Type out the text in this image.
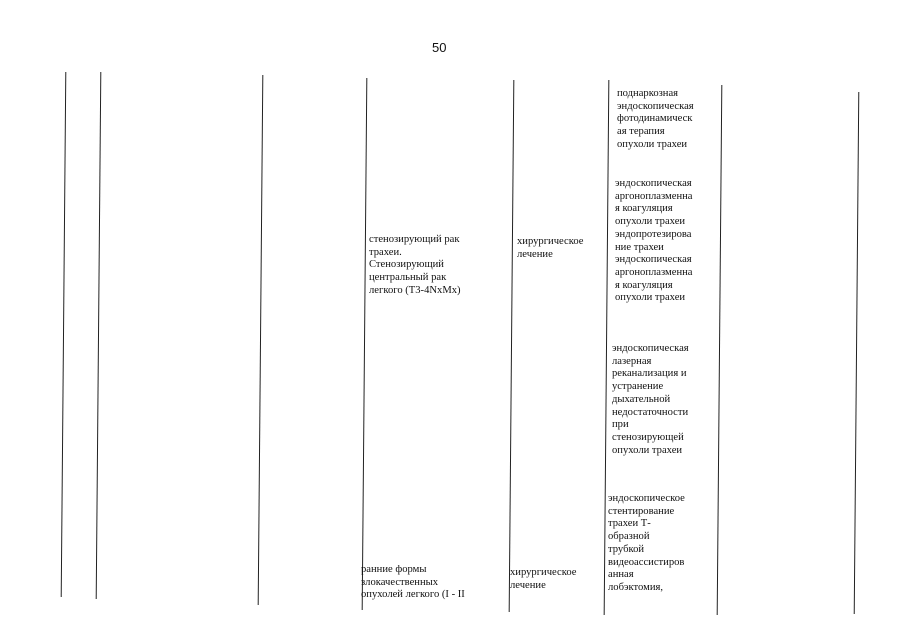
50
стенозирующий рак
трахеи.
Стенозирующий
центральный рак
легкого (Т3-4NxMx)
ранние формы
злокачественных
опухолей легкого (I - II
хирургическое
лечение
хирургическое
лечение
поднаркозная
эндоскопическая
фотодинамическ
ая терапия
опухоли трахеи
эндоскопическая
аргоноплазменна
я коагуляция
опухоли трахеи
эндопротезирова
ние трахеи
эндоскопическая
аргоноплазменна
я коагуляция
опухоли трахеи
эндоскопическая
лазерная
реканализация и
устранение
дыхательной
недостаточности
при
стенозирующей
опухоли трахеи
эндоскопическое
стентирование
трахеи Т-
образной
трубкой
видеоассистиров
анная
лобэктомия,
